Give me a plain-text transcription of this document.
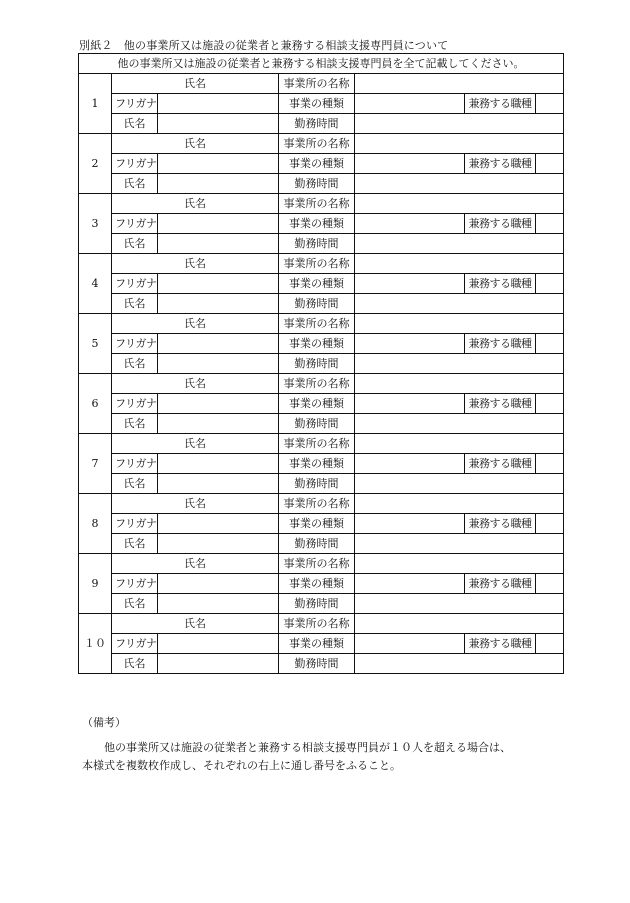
別紙２　他の事業所又は施設の従業者と兼務する相談支援専門員について
他の事業所又は施設の従業者と兼務する相談支援専門員を全て記載してください。						
1	氏名		事業所の名称			
	フリガナ		事業の種類		兼務する職種	
	氏名		勤務時間			
2	氏名		事業所の名称			
	フリガナ		事業の種類		兼務する職種	
	氏名		勤務時間			
3	氏名		事業所の名称			
	フリガナ		事業の種類		兼務する職種	
	氏名		勤務時間			
4	氏名		事業所の名称			
	フリガナ		事業の種類		兼務する職種	
	氏名		勤務時間			
5	氏名		事業所の名称			
	フリガナ		事業の種類		兼務する職種	
	氏名		勤務時間			
6	氏名		事業所の名称			
	フリガナ		事業の種類		兼務する職種	
	氏名		勤務時間			
7	氏名		事業所の名称			
	フリガナ		事業の種類		兼務する職種	
	氏名		勤務時間			
8	氏名		事業所の名称			
	フリガナ		事業の種類		兼務する職種	
	氏名		勤務時間			
9	氏名		事業所の名称			
	フリガナ		事業の種類		兼務する職種	
	氏名		勤務時間			
１０	氏名		事業所の名称			
	フリガナ		事業の種類		兼務する職種	
	氏名		勤務時間			
（備考）
他の事業所又は施設の従業者と兼務する相談支援専門員が１０人を超える場合は、
本様式を複数枚作成し、それぞれの右上に通し番号をふること。
